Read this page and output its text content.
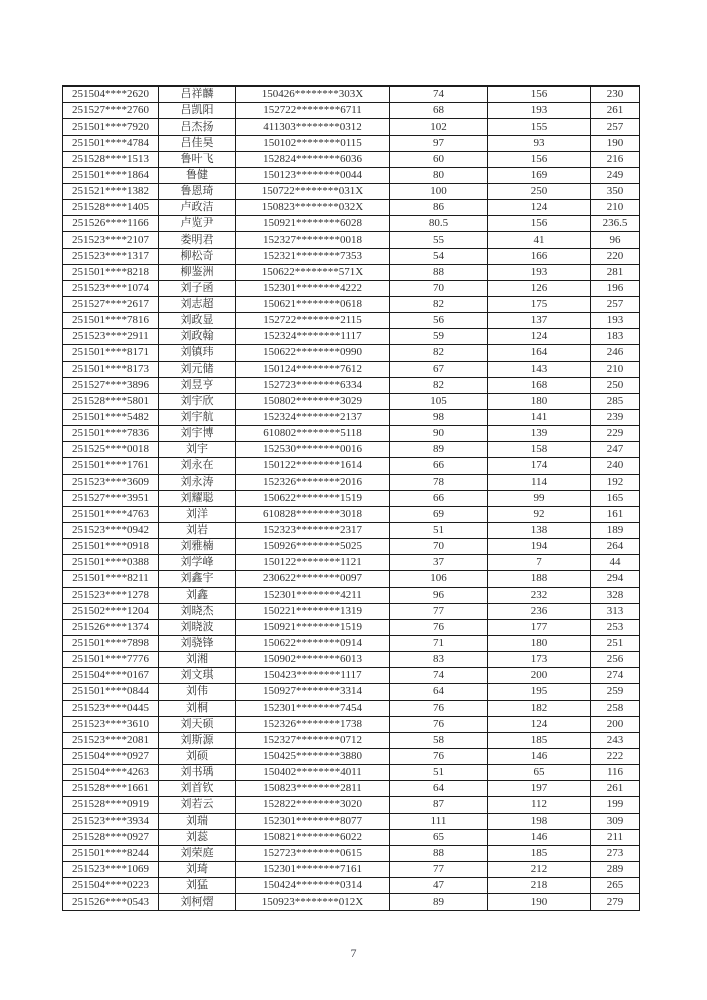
251504****2620	吕祥麟	150426********303X	74	156	230
251527****2760	吕凯阳	152722********6711	68	193	261
251501****7920	吕杰扬	411303********0312	102	155	257
251501****4784	吕佳昊	150102********0115	97	93	190
251528****1513	鲁叶飞	152824********6036	60	156	216
251501****1864	鲁健	150123********0044	80	169	249
251521****1382	鲁恩琦	150722********031X	100	250	350
251528****1405	卢政洁	150823********032X	86	124	210
251526****1166	卢览尹	150921********6028	80.5	156	236.5
251523****2107	娄明君	152327********0018	55	41	96
251523****1317	柳松奇	152321********7353	54	166	220
251501****8218	柳鉴洲	150622********571X	88	193	281
251523****1074	刘子函	152301********4222	70	126	196
251527****2617	刘志超	150621********0618	82	175	257
251501****7816	刘政显	152722********2115	56	137	193
251523****2911	刘政翰	152324********1117	59	124	183
251501****8171	刘镇玮	150622********0990	82	164	246
251501****8173	刘元储	150124********7612	67	143	210
251527****3896	刘昱亨	152723********6334	82	168	250
251528****5801	刘宇欣	150802********3029	105	180	285
251501****5482	刘宇航	152324********2137	98	141	239
251501****7836	刘宇博	610802********5118	90	139	229
251525****0018	刘宇	152530********0016	89	158	247
251501****1761	刘永在	150122********1614	66	174	240
251523****3609	刘永涛	152326********2016	78	114	192
251527****3951	刘耀聪	150622********1519	66	99	165
251501****4763	刘洋	610828********3018	69	92	161
251523****0942	刘岩	152323********2317	51	138	189
251501****0918	刘雅楠	150926********5025	70	194	264
251501****0388	刘学峰	150122********1121	37	7	44
251501****8211	刘鑫宇	230622********0097	106	188	294
251523****1278	刘鑫	152301********4211	96	232	328
251502****1204	刘晓杰	150221********1319	77	236	313
251526****1374	刘晓波	150921********1519	76	177	253
251501****7898	刘骁锋	150622********0914	71	180	251
251501****7776	刘湘	150902********6013	83	173	256
251504****0167	刘文琪	150423********1117	74	200	274
251501****0844	刘伟	150927********3314	64	195	259
251523****0445	刘桐	152301********7454	76	182	258
251523****3610	刘天硕	152326********1738	76	124	200
251523****2081	刘斯源	152327********0712	58	185	243
251504****0927	刘硕	150425********3880	76	146	222
251504****4263	刘书瑀	150402********4011	51	65	116
251528****1661	刘首钦	150823********2811	64	197	261
251528****0919	刘若云	152822********3020	87	112	199
251523****3934	刘瑞	152301********8077	111	198	309
251528****0927	刘蕊	150821********6022	65	146	211
251501****8244	刘荣庭	152723********0615	88	185	273
251523****1069	刘琦	152301********7161	77	212	289
251504****0223	刘猛	150424********0314	47	218	265
251526****0543	刘柯熠	150923********012X	89	190	279
7
